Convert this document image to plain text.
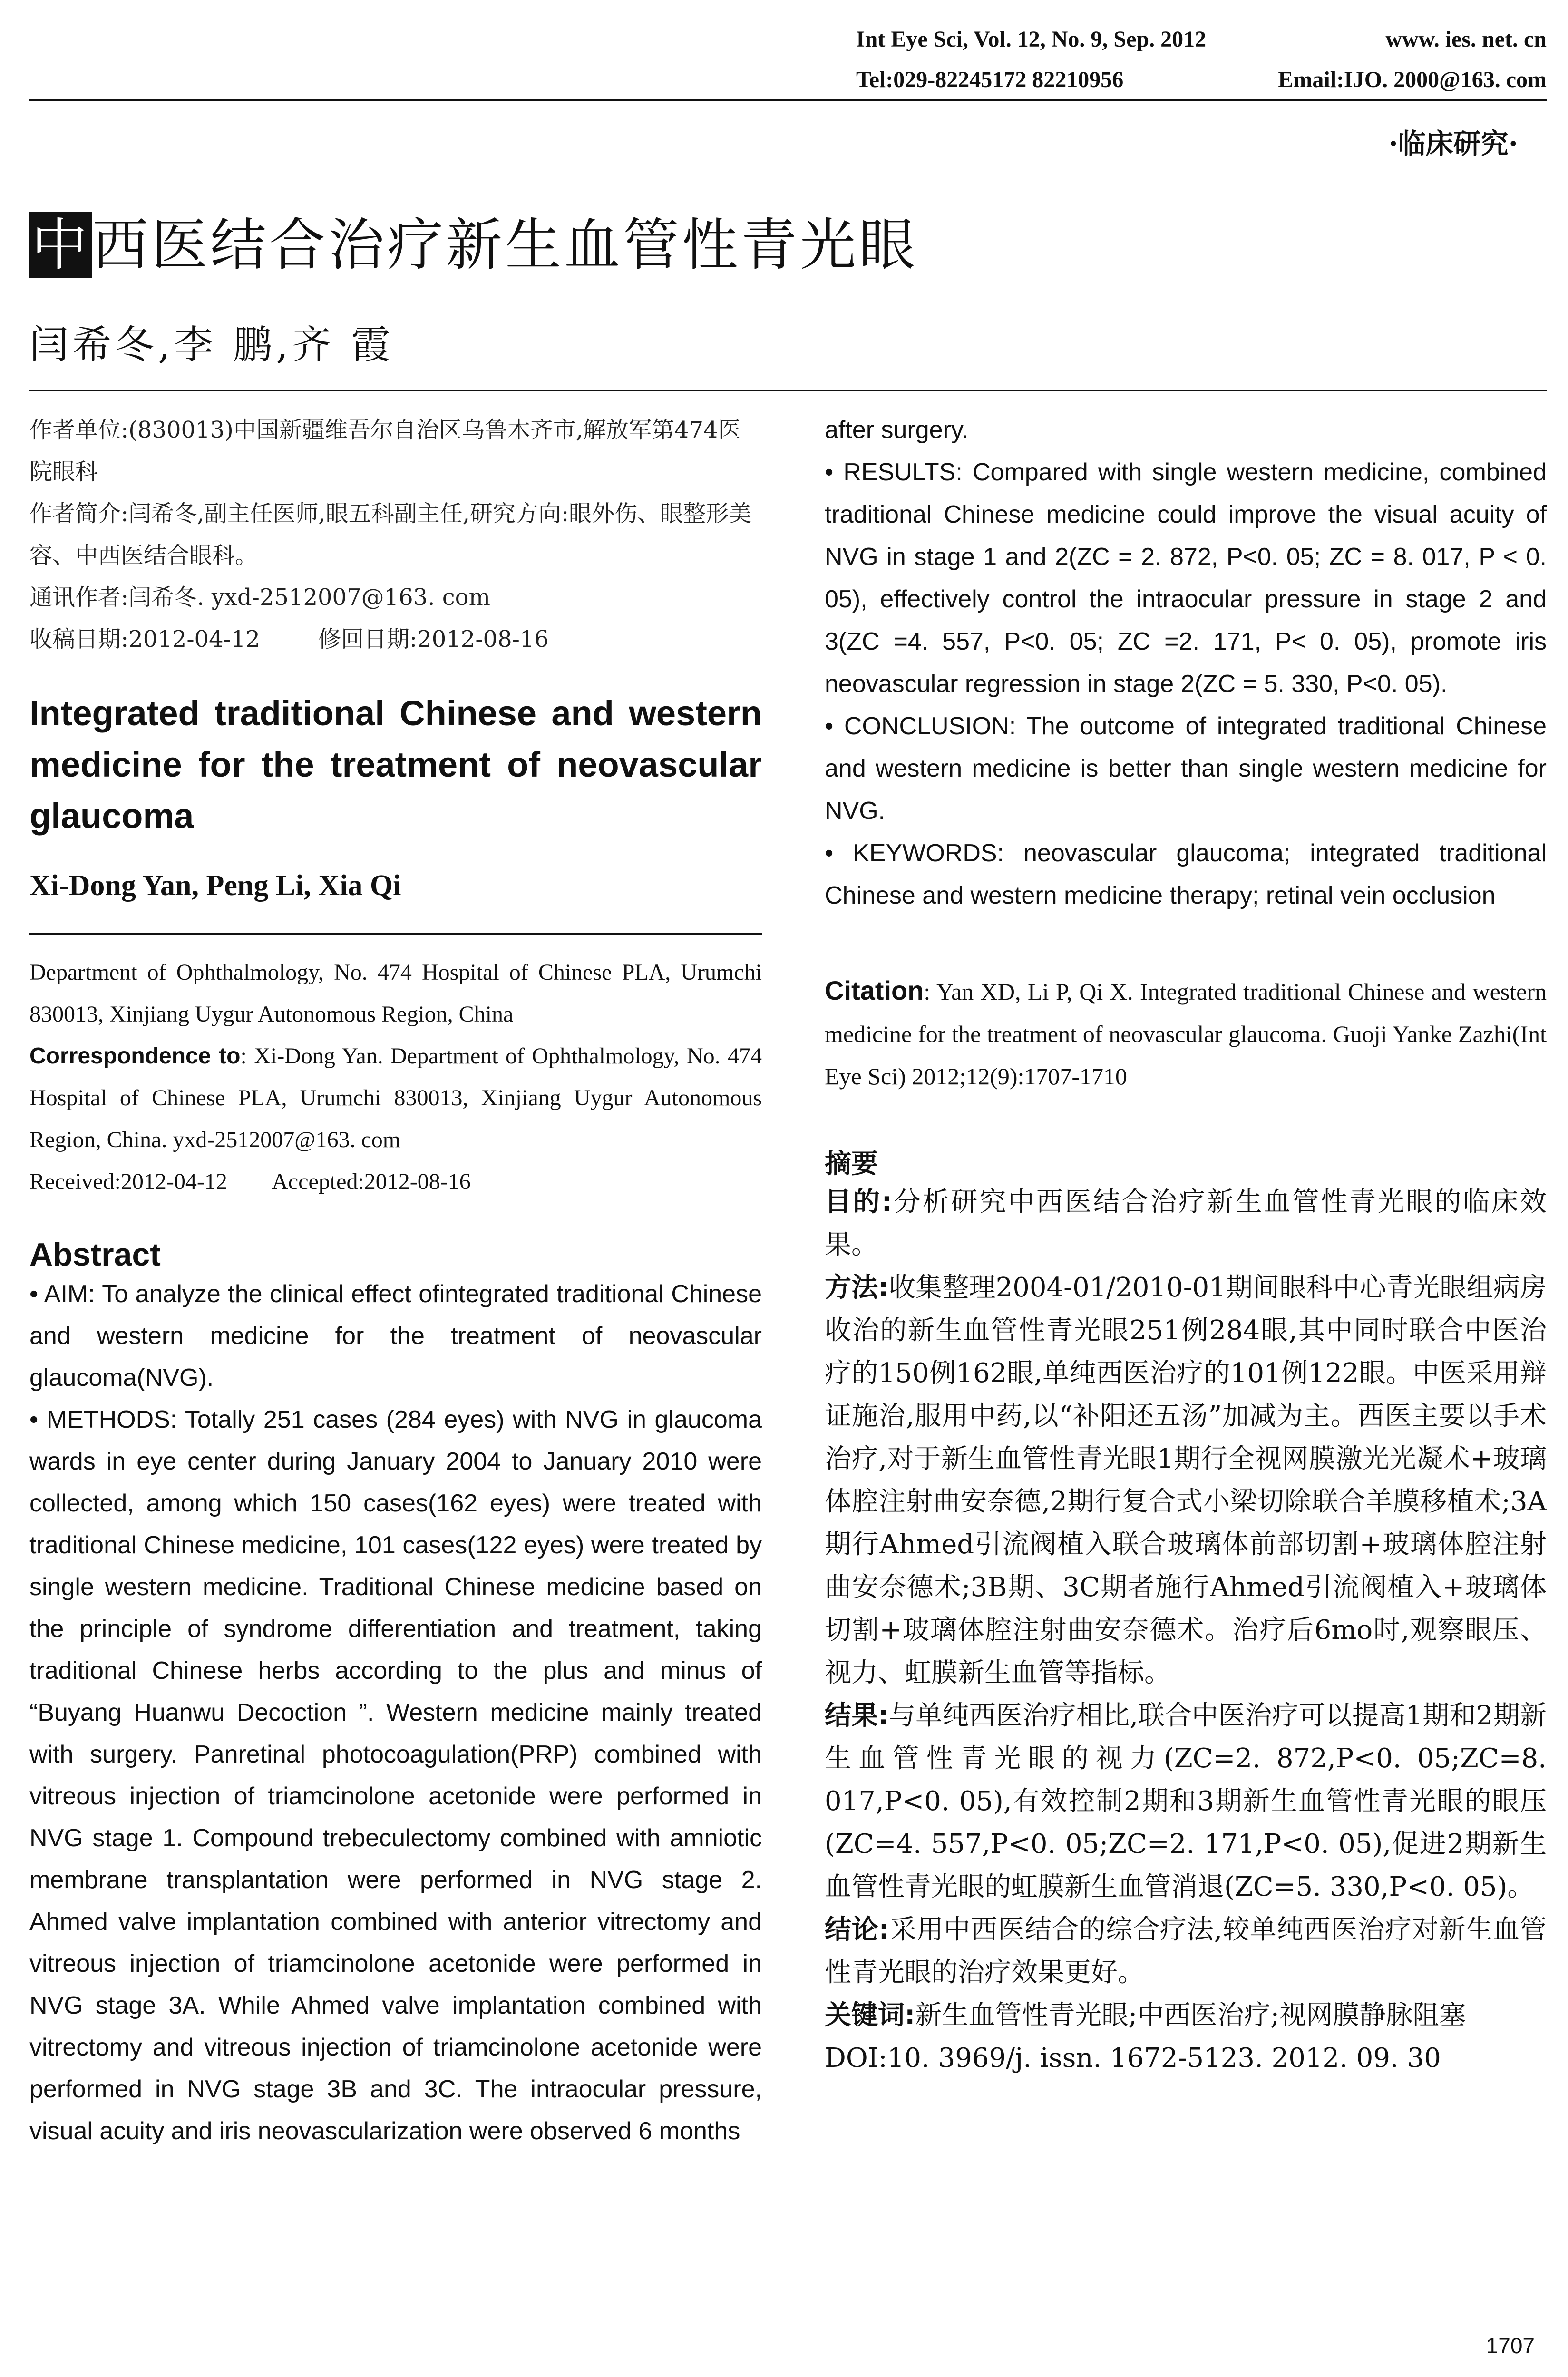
Int Eye Sci, Vol. 12, No. 9, Sep. 2012	www. ies. net. cn
Tel:029-82245172 82210956	Email:IJO. 2000@163. com
·临床研究·
中西医结合治疗新生血管性青光眼
闫希冬,李 鹏,齐 霞
作者单位:(830013)中国新疆维吾尔自治区乌鲁木齐市,解放军第474医院眼科
作者简介:闫希冬,副主任医师,眼五科副主任,研究方向:眼外伤、眼整形美容、中西医结合眼科。
通讯作者:闫希冬. yxd-2512007@163. com
收稿日期:2012-04-12        修回日期:2012-08-16
Integrated traditional Chinese and western medicine for the treatment of neovascular glaucoma
Xi-Dong Yan, Peng Li, Xia Qi
Department of Ophthalmology, No. 474 Hospital of Chinese PLA, Urumchi 830013, Xinjiang Uygur Autonomous Region, China
Correspondence to: Xi-Dong Yan. Department of Ophthalmology, No. 474 Hospital of Chinese PLA, Urumchi 830013, Xinjiang Uygur Autonomous Region, China. yxd-2512007@163. com
Received:2012-04-12        Accepted:2012-08-16
Abstract

• AIM: To analyze the clinical effect ofintegrated traditional Chinese and western medicine for the treatment of neovascular glaucoma(NVG).

• METHODS: Totally 251 cases (284 eyes) with NVG in glaucoma wards in eye center during January 2004 to January 2010 were collected, among which 150 cases(162 eyes) were treated with traditional Chinese medicine, 101 cases(122 eyes) were treated by single western medicine. Traditional Chinese medicine based on the principle of syndrome differentiation and treatment, taking traditional Chinese herbs according to the plus and minus of “Buyang Huanwu Decoction ”. Western medicine mainly treated with surgery. Panretinal photocoagulation(PRP) combined with vitreous injection of triamcinolone acetonide were performed in NVG stage 1. Compound trebeculectomy combined with amniotic membrane transplantation were performed in NVG stage 2. Ahmed valve implantation combined with anterior vitrectomy and vitreous injection of triamcinolone acetonide were performed in NVG stage 3A. While Ahmed valve implantation combined with vitrectomy and vitreous injection of triamcinolone acetonide were performed in NVG stage 3B and 3C. The intraocular pressure, visual acuity and iris neovascularization were observed 6 months

after surgery.

• RESULTS: Compared with single western medicine, combined traditional Chinese medicine could improve the visual acuity of NVG in stage 1 and 2(ZC = 2. 872, P<0. 05; ZC = 8. 017, P < 0. 05), effectively control the intraocular pressure in stage 2 and 3(ZC =4. 557, P<0. 05; ZC =2. 171, P< 0. 05), promote iris neovascular regression in stage 2(ZC = 5. 330, P<0. 05).

• CONCLUSION: The outcome of integrated traditional Chinese and western medicine is better than single western medicine for NVG.

• KEYWORDS: neovascular glaucoma; integrated traditional Chinese and western medicine therapy; retinal vein occlusion

Citation: Yan XD, Li P, Qi X. Integrated traditional Chinese and western medicine for the treatment of neovascular glaucoma. Guoji Yanke Zazhi(Int Eye Sci) 2012;12(9):1707-1710
摘要

目的:分析研究中西医结合治疗新生血管性青光眼的临床效果。

方法:收集整理2004-01/2010-01期间眼科中心青光眼组病房收治的新生血管性青光眼251例284眼,其中同时联合中医治疗的150例162眼,单纯西医治疗的101例122眼。中医采用辩证施治,服用中药,以“补阳还五汤”加减为主。西医主要以手术治疗,对于新生血管性青光眼1期行全视网膜激光光凝术+玻璃体腔注射曲安奈德,2期行复合式小梁切除联合羊膜移植术;3A期行Ahmed引流阀植入联合玻璃体前部切割+玻璃体腔注射曲安奈德术;3B期、3C期者施行Ahmed引流阀植入+玻璃体切割+玻璃体腔注射曲安奈德术。治疗后6mo时,观察眼压、视力、虹膜新生血管等指标。

结果:与单纯西医治疗相比,联合中医治疗可以提高1期和2期新生血管性青光眼的视力(ZC=2. 872,P<0. 05;ZC=8. 017,P<0. 05),有效控制2期和3期新生血管性青光眼的眼压(ZC=4. 557,P<0. 05;ZC=2. 171,P<0. 05),促进2期新生血管性青光眼的虹膜新生血管消退(ZC=5. 330,P<0. 05)。

结论:采用中西医结合的综合疗法,较单纯西医治疗对新生血管性青光眼的治疗效果更好。

关键词:新生血管性青光眼;中西医治疗;视网膜静脉阻塞

DOI:10. 3969/j. issn. 1672-5123. 2012. 09. 30

1707
